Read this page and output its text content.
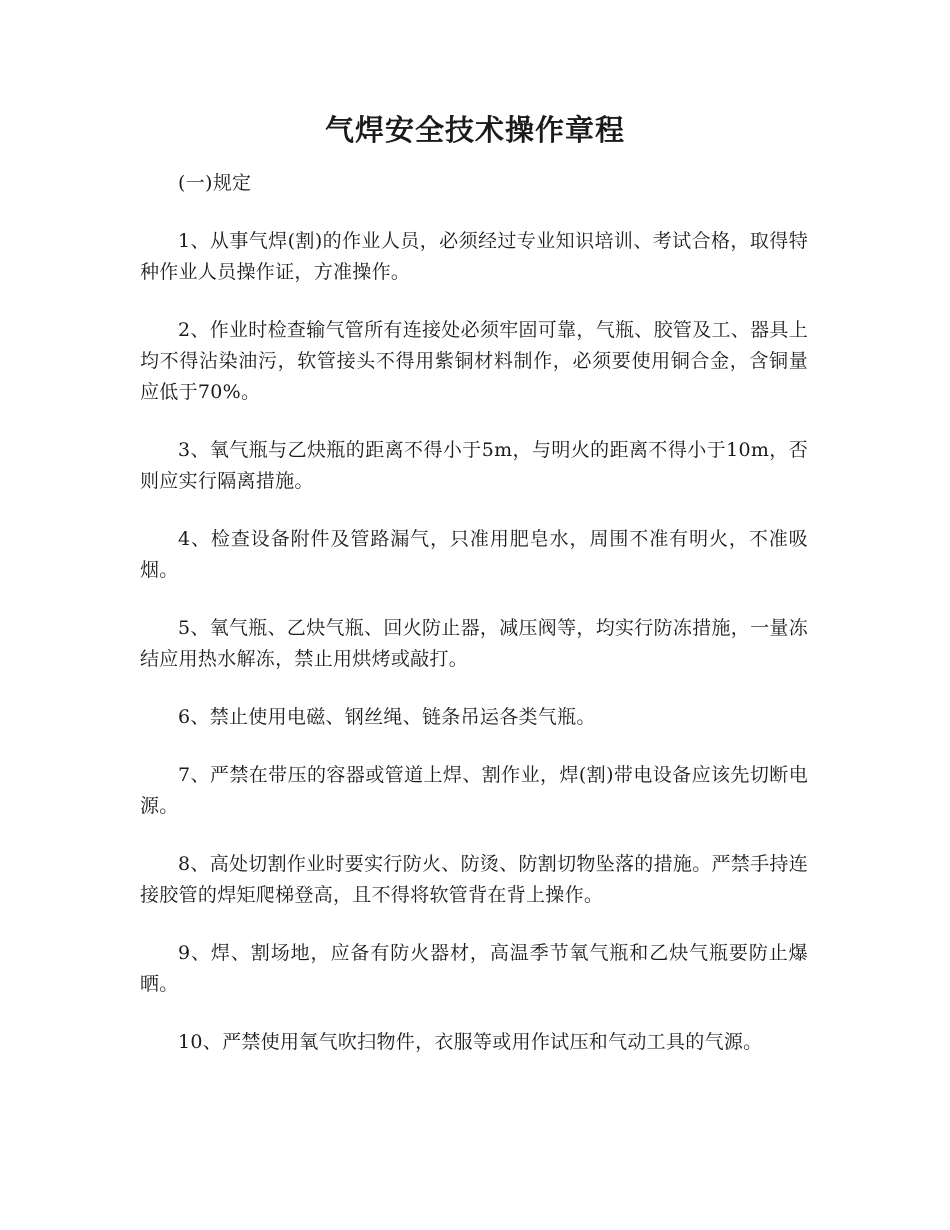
气焊安全技术操作章程

(一)规定

1、从事气焊(割)的作业人员，必须经过专业知识培训、考试合格，取得特种作业人员操作证，方准操作。

2、作业时检查输气管所有连接处必须牢固可靠，气瓶、胶管及工、器具上均不得沾染油污，软管接头不得用紫铜材料制作，必须要使用铜合金，含铜量应低于70%。

3、氧气瓶与乙炔瓶的距离不得小于5m，与明火的距离不得小于10m，否则应实行隔离措施。

4、检查设备附件及管路漏气，只准用肥皂水，周围不准有明火，不准吸烟。

5、氧气瓶、乙炔气瓶、回火防止器，减压阀等，均实行防冻措施，一量冻结应用热水解冻，禁止用烘烤或敲打。

6、禁止使用电磁、钢丝绳、链条吊运各类气瓶。

7、严禁在带压的容器或管道上焊、割作业，焊(割)带电设备应该先切断电源。

8、高处切割作业时要实行防火、防烫、防割切物坠落的措施。严禁手持连接胶管的焊矩爬梯登高，且不得将软管背在背上操作。

9、焊、割场地，应备有防火器材，高温季节氧气瓶和乙炔气瓶要防止爆晒。

10、严禁使用氧气吹扫物件，衣服等或用作试压和气动工具的气源。
